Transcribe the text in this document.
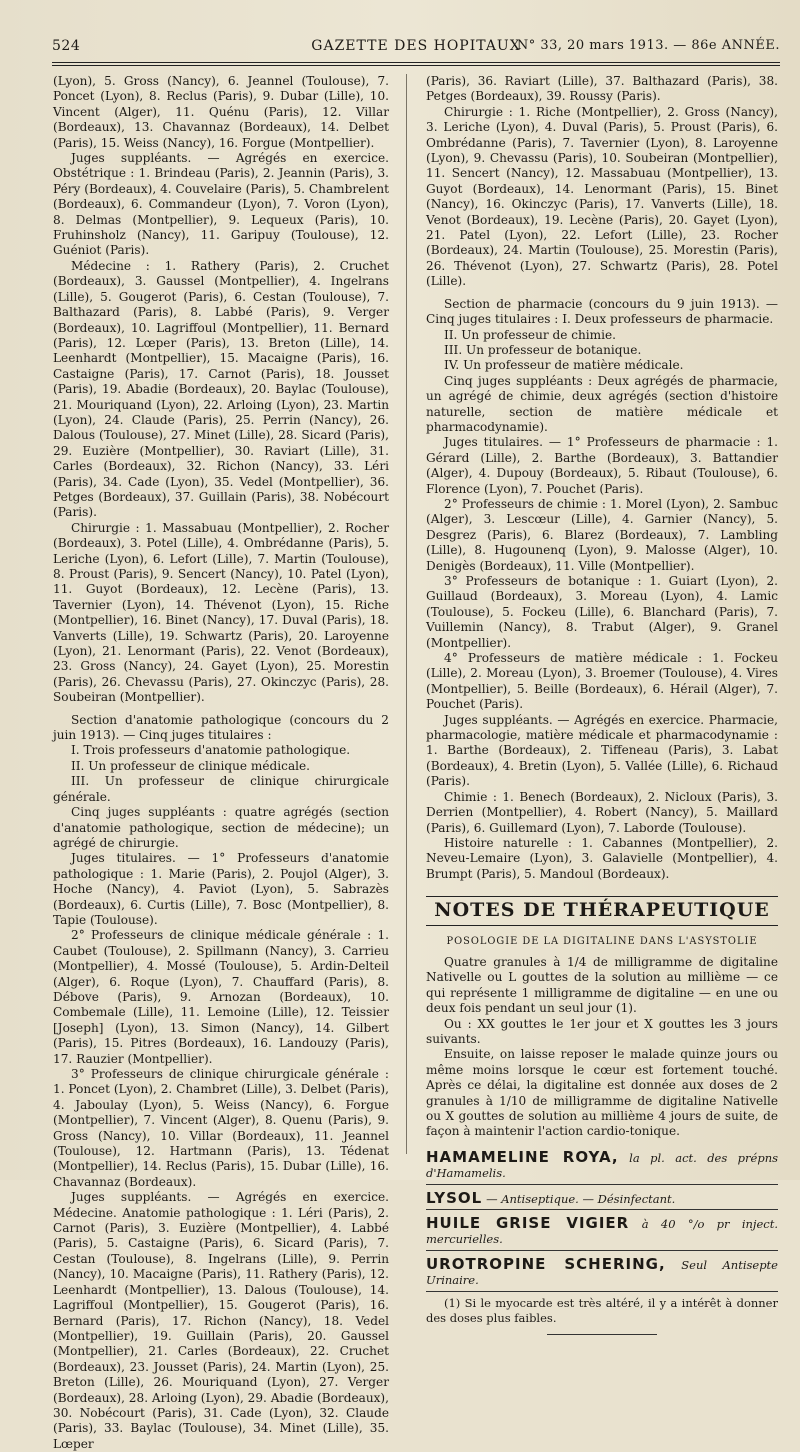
524	GAZETTE DES HOPITAUX
N° 33, 20 mars 1913. — 86e ANNÉE.

(Lyon), 5. Gross (Nancy), 6. Jeannel (Toulouse), 7. Poncet (Lyon), 8. Reclus (Paris), 9. Dubar (Lille), 10. Vincent (Alger), 11. Quénu (Paris), 12. Villar (Bordeaux), 13. Chavannaz (Bordeaux), 14. Delbet (Paris), 15. Weiss (Nancy), 16. Forgue (Montpellier).

Juges suppléants. — Agrégés en exercice. Obstétrique : 1. Brindeau (Paris), 2. Jeannin (Paris), 3. Péry (Bordeaux), 4. Couvelaire (Paris), 5. Chambrelent (Bordeaux), 6. Commandeur (Lyon), 7. Voron (Lyon), 8. Delmas (Montpellier), 9. Lequeux (Paris), 10. Fruhinsholz (Nancy), 11. Garipuy (Toulouse), 12. Guéniot (Paris).

Médecine : 1. Rathery (Paris), 2. Cruchet (Bordeaux), 3. Gaussel (Montpellier), 4. Ingelrans (Lille), 5. Gougerot (Paris), 6. Cestan (Toulouse), 7. Balthazard (Paris), 8. Labbé (Paris), 9. Verger (Bordeaux), 10. Lagriffoul (Montpellier), 11. Bernard (Paris), 12. Lœper (Paris), 13. Breton (Lille), 14. Leenhardt (Montpellier), 15. Macaigne (Paris), 16. Castaigne (Paris), 17. Carnot (Paris), 18. Jousset (Paris), 19. Abadie (Bordeaux), 20. Baylac (Toulouse), 21. Mouriquand (Lyon), 22. Arloing (Lyon), 23. Martin (Lyon), 24. Claude (Paris), 25. Perrin (Nancy), 26. Dalous (Toulouse), 27. Minet (Lille), 28. Sicard (Paris), 29. Euzière (Montpellier), 30. Raviart (Lille), 31. Carles (Bordeaux), 32. Richon (Nancy), 33. Léri (Paris), 34. Cade (Lyon), 35. Vedel (Montpellier), 36. Petges (Bordeaux), 37. Guillain (Paris), 38. Nobécourt (Paris).

Chirurgie : 1. Massabuau (Montpellier), 2. Rocher (Bordeaux), 3. Potel (Lille), 4. Ombrédanne (Paris), 5. Leriche (Lyon), 6. Lefort (Lille), 7. Martin (Toulouse), 8. Proust (Paris), 9. Sencert (Nancy), 10. Patel (Lyon), 11. Guyot (Bordeaux), 12. Lecène (Paris), 13. Tavernier (Lyon), 14. Thévenot (Lyon), 15. Riche (Montpellier), 16. Binet (Nancy), 17. Duval (Paris), 18. Vanverts (Lille), 19. Schwartz (Paris), 20. Laroyenne (Lyon), 21. Lenormant (Paris), 22. Venot (Bordeaux), 23. Gross (Nancy), 24. Gayet (Lyon), 25. Morestin (Paris), 26. Chevassu (Paris), 27. Okinczyc (Paris), 28. Soubeiran (Montpellier).

Section d'anatomie pathologique (concours du 2 juin 1913). — Cinq juges titulaires :

I. Trois professeurs d'anatomie pathologique.

II. Un professeur de clinique médicale.

III. Un professeur de clinique chirurgicale générale.

Cinq juges suppléants : quatre agrégés (section d'anatomie pathologique, section de médecine); un agrégé de chirurgie.

Juges titulaires. — 1° Professeurs d'anatomie pathologique : 1. Marie (Paris), 2. Poujol (Alger), 3. Hoche (Nancy), 4. Paviot (Lyon), 5. Sabrazès (Bordeaux), 6. Curtis (Lille), 7. Bosc (Montpellier), 8. Tapie (Toulouse).

2° Professeurs de clinique médicale générale : 1. Caubet (Toulouse), 2. Spillmann (Nancy), 3. Carrieu (Montpellier), 4. Mossé (Toulouse), 5. Ardin-Delteil (Alger), 6. Roque (Lyon), 7. Chauffard (Paris), 8. Débove (Paris), 9. Arnozan (Bordeaux), 10. Combemale (Lille), 11. Lemoine (Lille), 12. Teissier [Joseph] (Lyon), 13. Simon (Nancy), 14. Gilbert (Paris), 15. Pitres (Bordeaux), 16. Landouzy (Paris), 17. Rauzier (Montpellier).

3° Professeurs de clinique chirurgicale générale : 1. Poncet (Lyon), 2. Chambret (Lille), 3. Delbet (Paris), 4. Jaboulay (Lyon), 5. Weiss (Nancy), 6. Forgue (Montpellier), 7. Vincent (Alger), 8. Quenu (Paris), 9. Gross (Nancy), 10. Villar (Bordeaux), 11. Jeannel (Toulouse), 12. Hartmann (Paris), 13. Tédenat (Montpellier), 14. Reclus (Paris), 15. Dubar (Lille), 16. Chavannaz (Bordeaux).

Juges suppléants. — Agrégés en exercice. Médecine. Anatomie pathologique : 1. Léri (Paris), 2. Carnot (Paris), 3. Euzière (Montpellier), 4. Labbé (Paris), 5. Castaigne (Paris), 6. Sicard (Paris), 7. Cestan (Toulouse), 8. Ingelrans (Lille), 9. Perrin (Nancy), 10. Macaigne (Paris), 11. Rathery (Paris), 12. Leenhardt (Montpellier), 13. Dalous (Toulouse), 14. Lagriffoul (Montpellier), 15. Gougerot (Paris), 16. Bernard (Paris), 17. Richon (Nancy), 18. Vedel (Montpellier), 19. Guillain (Paris), 20. Gaussel (Montpellier), 21. Carles (Bordeaux), 22. Cruchet (Bordeaux), 23. Jousset (Paris), 24. Martin (Lyon), 25. Breton (Lille), 26. Mouriquand (Lyon), 27. Verger (Bordeaux), 28. Arloing (Lyon), 29. Abadie (Bordeaux), 30. Nobécourt (Paris), 31. Cade (Lyon), 32. Claude (Paris), 33. Baylac (Toulouse), 34. Minet (Lille), 35. Lœper

(Paris), 36. Raviart (Lille), 37. Balthazard (Paris), 38. Petges (Bordeaux), 39. Roussy (Paris).

Chirurgie : 1. Riche (Montpellier), 2. Gross (Nancy), 3. Leriche (Lyon), 4. Duval (Paris), 5. Proust (Paris), 6. Ombrédanne (Paris), 7. Tavernier (Lyon), 8. Laroyenne (Lyon), 9. Chevassu (Paris), 10. Soubeiran (Montpellier), 11. Sencert (Nancy), 12. Massabuau (Montpellier), 13. Guyot (Bordeaux), 14. Lenormant (Paris), 15. Binet (Nancy), 16. Okinczyc (Paris), 17. Vanverts (Lille), 18. Venot (Bordeaux), 19. Lecène (Paris), 20. Gayet (Lyon), 21. Patel (Lyon), 22. Lefort (Lille), 23. Rocher (Bordeaux), 24. Martin (Toulouse), 25. Morestin (Paris), 26. Thévenot (Lyon), 27. Schwartz (Paris), 28. Potel (Lille).

Section de pharmacie (concours du 9 juin 1913). — Cinq juges titulaires : I. Deux professeurs de pharmacie.

II. Un professeur de chimie.

III. Un professeur de botanique.

IV. Un professeur de matière médicale.

Cinq juges suppléants : Deux agrégés de pharmacie, un agrégé de chimie, deux agrégés (section d'histoire naturelle, section de matière médicale et pharmacodynamie).

Juges titulaires. — 1° Professeurs de pharmacie : 1. Gérard (Lille), 2. Barthe (Bordeaux), 3. Battandier (Alger), 4. Dupouy (Bordeaux), 5. Ribaut (Toulouse), 6. Florence (Lyon), 7. Pouchet (Paris).

2° Professeurs de chimie : 1. Morel (Lyon), 2. Sambuc (Alger), 3. Lescœur (Lille), 4. Garnier (Nancy), 5. Desgrez (Paris), 6. Blarez (Bordeaux), 7. Lambling (Lille), 8. Hugounenq (Lyon), 9. Malosse (Alger), 10. Denigès (Bordeaux), 11. Ville (Montpellier).

3° Professeurs de botanique : 1. Guiart (Lyon), 2. Guillaud (Bordeaux), 3. Moreau (Lyon), 4. Lamic (Toulouse), 5. Fockeu (Lille), 6. Blanchard (Paris), 7. Vuillemin (Nancy), 8. Trabut (Alger), 9. Granel (Montpellier).

4° Professeurs de matière médicale : 1. Fockeu (Lille), 2. Moreau (Lyon), 3. Broemer (Toulouse), 4. Vires (Montpellier), 5. Beille (Bordeaux), 6. Hérail (Alger), 7. Pouchet (Paris).

Juges suppléants. — Agrégés en exercice. Pharmacie, pharmacologie, matière médicale et pharmacodynamie : 1. Barthe (Bordeaux), 2. Tiffeneau (Paris), 3. Labat (Bordeaux), 4. Bretin (Lyon), 5. Vallée (Lille), 6. Richaud (Paris).

Chimie : 1. Benech (Bordeaux), 2. Nicloux (Paris), 3. Derrien (Montpellier), 4. Robert (Nancy), 5. Maillard (Paris), 6. Guillemard (Lyon), 7. Laborde (Toulouse).

Histoire naturelle : 1. Cabannes (Montpellier), 2. Neveu-Lemaire (Lyon), 3. Galavielle (Montpellier), 4. Brumpt (Paris), 5. Mandoul (Bordeaux).

NOTES DE THÉRAPEUTIQUE
POSOLOGIE DE LA DIGITALINE DANS L'ASYSTOLIE

Quatre granules à 1/4 de milligramme de digitaline Nativelle ou L gouttes de la solution au millième — ce qui représente 1 milligramme de digitaline — en une ou deux fois pendant un seul jour (1).

Ou : XX gouttes le 1er jour et X gouttes les 3 jours suivants.

Ensuite, on laisse reposer le malade quinze jours ou même moins lorsque le cœur est fortement touché. Après ce délai, la digitaline est donnée aux doses de 2 granules à 1/10 de milligramme de digitaline Nativelle ou X gouttes de solution au millième 4 jours de suite, de façon à maintenir l'action cardio-tonique.

HAMAMELINE ROYA, la pl. act. des prépns d'Hamamelis.
LYSOL — Antiseptique. — Désinfectant.
HUILE GRISE VIGIER à 40 °/o pr inject. mercurielles.
UROTROPINE SCHERING, Seul Antisepte Urinaire.

(1) Si le myocarde est très altéré, il y a intérêt à donner des doses plus faibles.
